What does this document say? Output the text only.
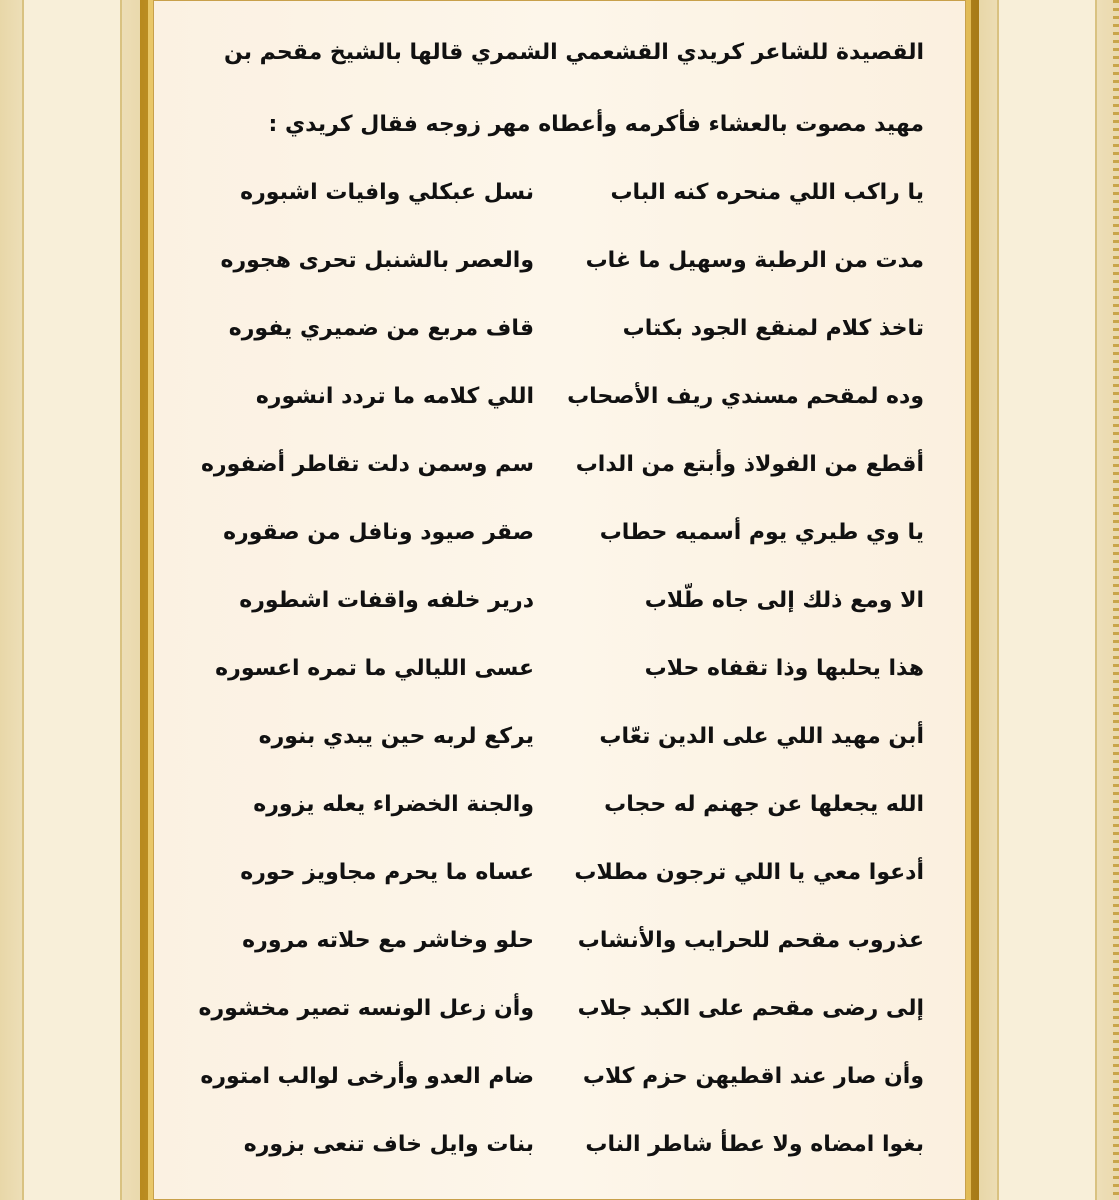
القصيدة للشاعر كريدي القشعمي الشمري قالها بالشيخ مقحم بن
مهيد مصوت بالعشاء فأكرمه وأعطاه مهر زوجه فقال كريدي :
يا راكب اللي منحره كنه الباب
نسل عبكلي وافيات اشبوره
مدت من الرطبة وسهيل ما غاب
والعصر بالشنبل تحرى هجوره
تاخذ كلام لمنقع الجود بكتاب
قاف مربع من ضميري يفوره
وده لمقحم مسندي ريف الأصحاب
اللي كلامه ما تردد انشوره
أقطع من الفولاذ وأبتع من الداب
سم وسمن دلت تقاطر أضفوره
يا وي طيري يوم أسميه حطاب
صقر صيود ونافل من صقوره
الا ومع ذلك إلى جاه طّلاب
درير خلفه واقفات اشطوره
هذا يحلبها وذا تقفاه حلاب
عسى الليالي ما تمره اعسوره
أبن مهيد اللي على الدين تعّاب
يركع لربه حين يبدي بنوره
الله يجعلها عن جهنم له حجاب
والجنة الخضراء يعله يزوره
أدعوا معي يا اللي ترجون مطلاب
عساه ما يحرم مجاويز حوره
عذروب مقحم للحرايب والأنشاب
حلو وخاشر مع حلاته مروره
إلى رضى مقحم على الكبد جلاب
وأن زعل الونسه تصير مخشوره
وأن صار عند اقطيهن حزم كلاب
ضام العدو وأرخى لوالب امتوره
بغوا امضاه ولا عطأ شاطر الناب
بنات وايل خاف تنعى بزوره
